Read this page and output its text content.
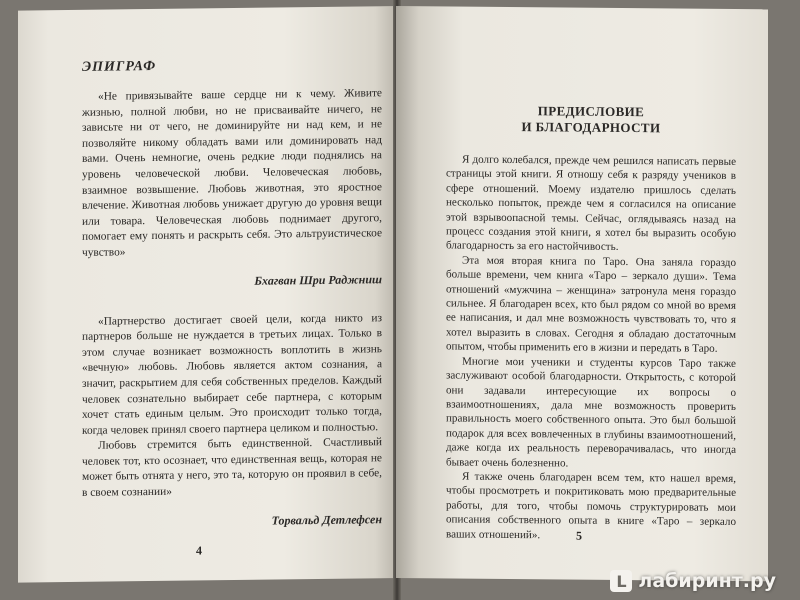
ЭПИГРАФ

«Не привязывайте ваше сердце ни к чему. Живите жизнью, полной любви, но не присваивайте ничего, не зависьте ни от чего, не доминируйте ни над кем, и не позволяйте никому обладать вами или доминировать над вами. Очень немногие, очень редкие люди поднялись на уровень человеческой любви. Человеческая любовь, взаимное возвышение. Любовь животная, это яростное влечение. Животная любовь унижает другую до уровня вещи или товара. Человеческая любовь поднимает другого, помогает ему понять и раскрыть себя. Это альтруистическое чувство»

Бхагван Шри Раджниш

«Партнерство достигает своей цели, когда никто из партнеров больше не нуждается в третьих лицах. Только в этом случае возникает возможность воплотить в жизнь «вечную» любовь. Любовь является актом сознания, а значит, раскрытием для себя собственных пределов. Каждый человек сознательно выбирает себе партнера, с которым хочет стать единым целым. Это происходит только тогда, когда человек принял своего партнера целиком и полностью.

Любовь стремится быть единственной. Счастливый человек тот, кто осознает, что единственная вещь, которая не может быть отнята у него, это та, которую он проявил в себе, в своем сознании»

Торвальд Детлефсен

4
ПРЕДИСЛОВИЕ
И БЛАГОДАРНОСТИ

Я долго колебался, прежде чем решился написать первые страницы этой книги. Я отношу себя к разряду учеников в сфере отношений. Моему издателю пришлось сделать несколько попыток, прежде чем я согласился на описание этой взрывоопасной темы. Сейчас, оглядываясь назад на процесс создания этой книги, я хотел бы выразить особую благодарность за его настойчивость.

Эта моя вторая книга по Таро. Она заняла гораздо больше времени, чем книга «Таро – зеркало души». Тема отношений «мужчина – женщина» затронула меня гораздо сильнее. Я благодарен всех, кто был рядом со мной во время ее написания, и дал мне возможность чувствовать то, что я хотел выразить в словах. Сегодня я обладаю достаточным опытом, чтобы применить его в жизни и передать в Таро.

Многие мои ученики и студенты курсов Таро также заслуживают особой благодарности. Открытость, с которой они задавали интересующие их вопросы о взаимоотношениях, дала мне возможность проверить правильность моего собственного опыта. Это был большой подарок для всех вовлеченных в глубины взаимоотношений, даже когда их реальность переворачивалась, что иногда бывает очень болезненно.

Я также очень благодарен всем тем, кто нашел время, чтобы просмотреть и покритиковать мою предварительные работы, для того, чтобы помочь структурировать мои описания собственного опыта в книге «Таро – зеркало ваших отношений».	5
L лабиринт.ру
